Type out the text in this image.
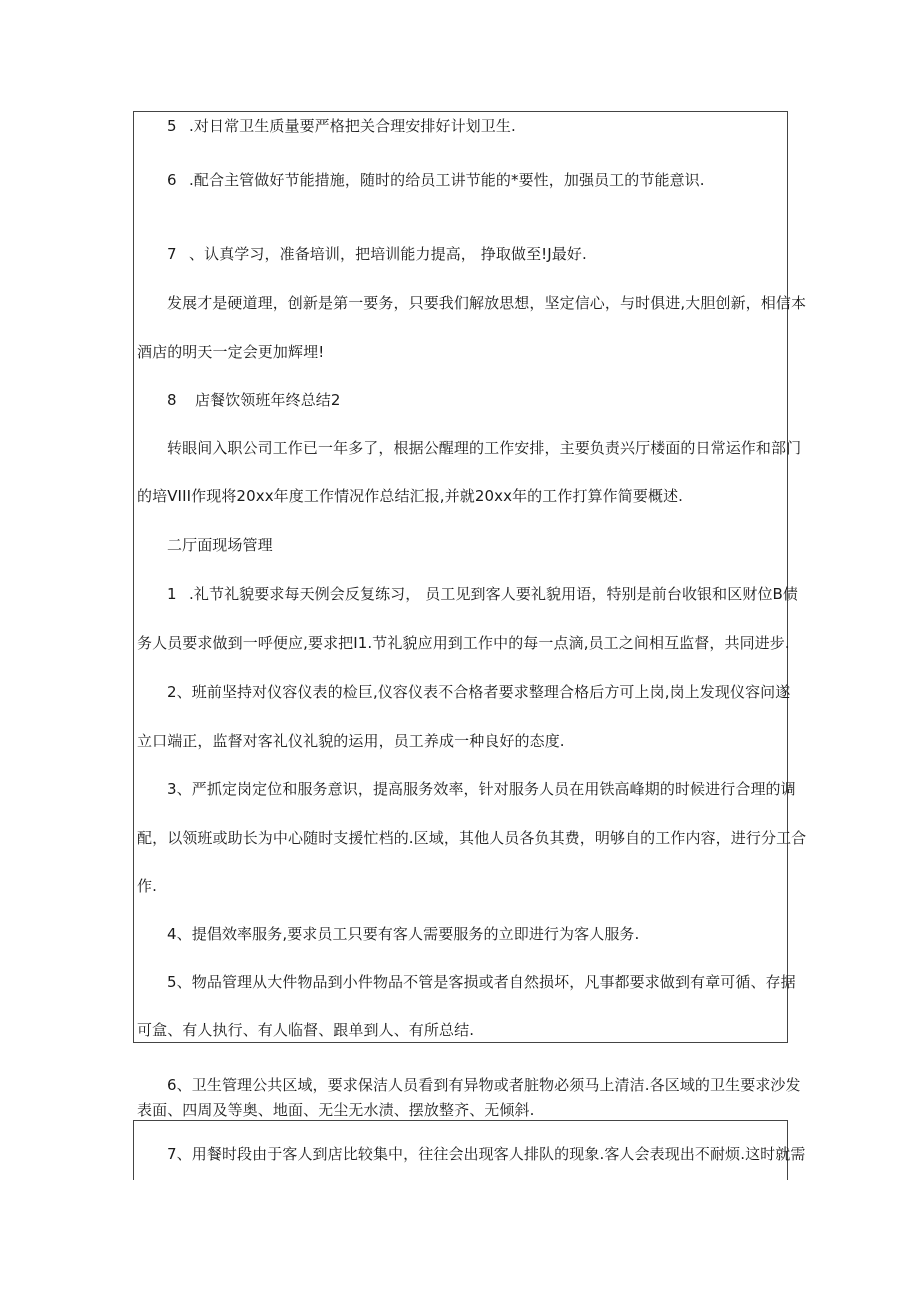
5 .对日常卫生质量要严格把关合理安排好计划卫生.
6 .配合主管做好节能措施，随时的给员工讲节能的*要性，加强员工的节能意识.
7 、认真学习，准备培训，把培训能力提高， 挣取做至!J最好.
发展才是硬道理，创新是第一要务，只要我们解放思想，坚定信心，与时俱进,大胆创新，相信本
酒店的明天一定会更加辉埋!
8 店餐饮领班年终总结2
转眼间入职公司工作已一年多了，根据公醒理的工作安排，主要负责兴厅楼面的日常运作和部门
的培VIII作现将20xx年度工作情况作总结汇报,并就20xx年的工作打算作简要概述.
二厅面现场管理
1 .礼节礼貌要求每天例会反复练习， 员工见到客人要礼貌用语，特别是前台收银和区财位B债
务人员要求做到一呼便应,要求把I1.节礼貌应用到工作中的每一点滴,员工之间相互监督，共同进步.
2、班前坚持对仪容仪表的检巨,仪容仪表不合格者要求整理合格后方可上岗,岗上发现仪容问遂
立口端正，监督对客礼仪礼貌的运用，员工养成一种良好的态度.
3、严抓定岗定位和服务意识，提高服务效率，针对服务人员在用铁高峰期的时候进行合理的调
配，以领班或助长为中心随时支援忙档的.区域，其他人员各负其费，明够自的工作内容，进行分工合
作.
4、提倡效率服务,要求员工只要有客人需要服务的立即进行为客人服务.
5、物品管理从大件物品到小件物品不管是客损或者自然损坏，凡事都要求做到有章可循、存据
可盒、有人执行、有人临督、跟单到人、有所总结.
6、卫生管理公共区域，要求保洁人员看到有异物或者脏物必须马上清洁.各区域的卫生要求沙发
表面、四周及等奥、地面、无尘无水渍、摆放整齐、无倾斜.
7、用餐时段由于客人到店比较集中，往往会出现客人排队的现象.客人会表现出不耐烦.这时就需
